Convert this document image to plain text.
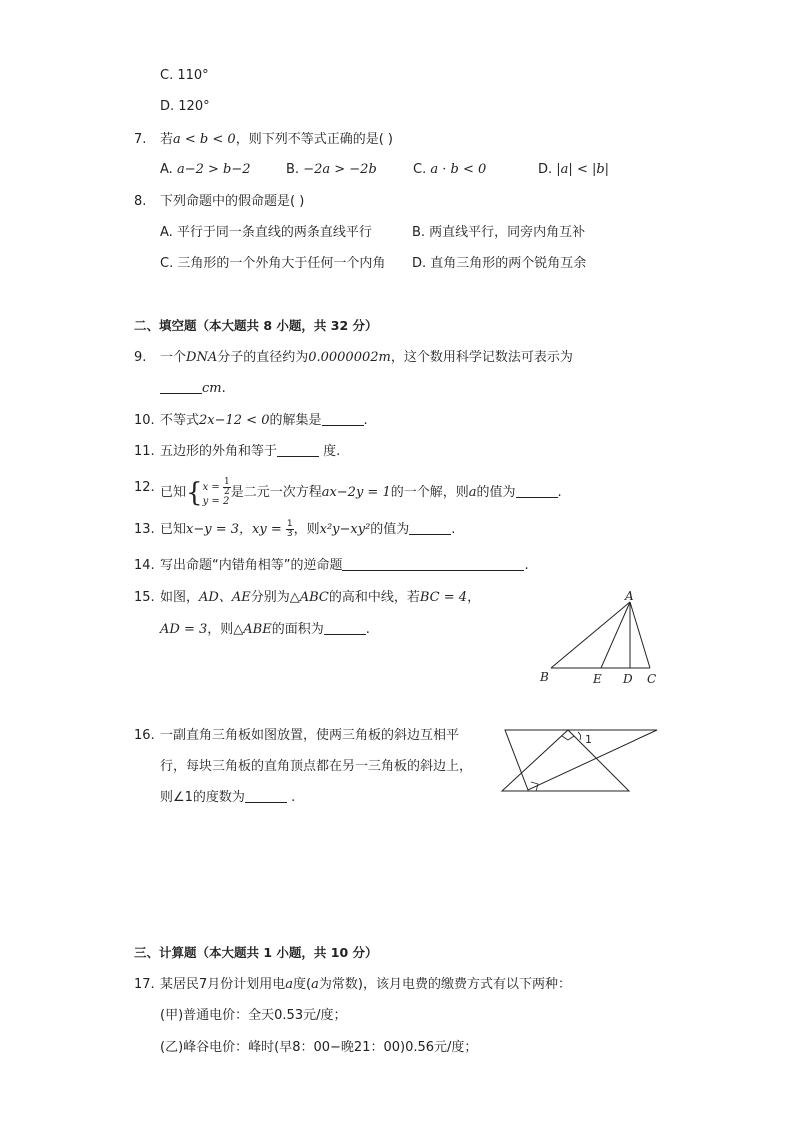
C. 110°
D. 120°
7. 若a < b < 0，则下列不等式正确的是( )
A. a−2 > b−2	B. −2a > −2b	C. a · b < 0	D. |a| < |b|
8. 下列命题中的假命题是( )
A. 平行于同一条直线的两条直线平行	B. 两直线平行，同旁内角互补
C. 三角形的一个外角大于任何一个内角 D. 直角三角形的两个锐角互余
二、填空题（本大题共 8 小题，共 32 分）
9. 一个DNA分子的直径约为0.0000002m，这个数用科学记数法可表示为
cm.
10. 不等式2x−12 < 0的解集是	.
11. 五边形的外角和等于	度.
12. 已知{ $x = \frac{1}{2}$
y = 2
是二元一次方程ax−2y = 1的一个解，则a的值为	.
13. 已知x−y = 3，xy = $\frac{1}{3}$ ，则x²y−xy²的值为	.
14. 写出命题“内错角相等”的逆命题	.
15. 如图，AD、AE分别为△ABC的高和中线，若BC = 4，
AD = 3，则△ABE的面积为	.
A
B	E D C
16. 一副直角三角板如图放置，使两三角板的斜边互相平
行，每块三角板的直角顶点都在另一三角板的斜边上，
则∠1的度数为	.
1
三、计算题（本大题共 1 小题，共 10 分）
17. 某居民7月份计划用电a度(a为常数)，该月电费的缴费方式有以下两种：
(甲)普通电价：全天0.53元/度；
(乙)峰谷电价：峰时(早8：00−晚21：00)0.56元/度；
